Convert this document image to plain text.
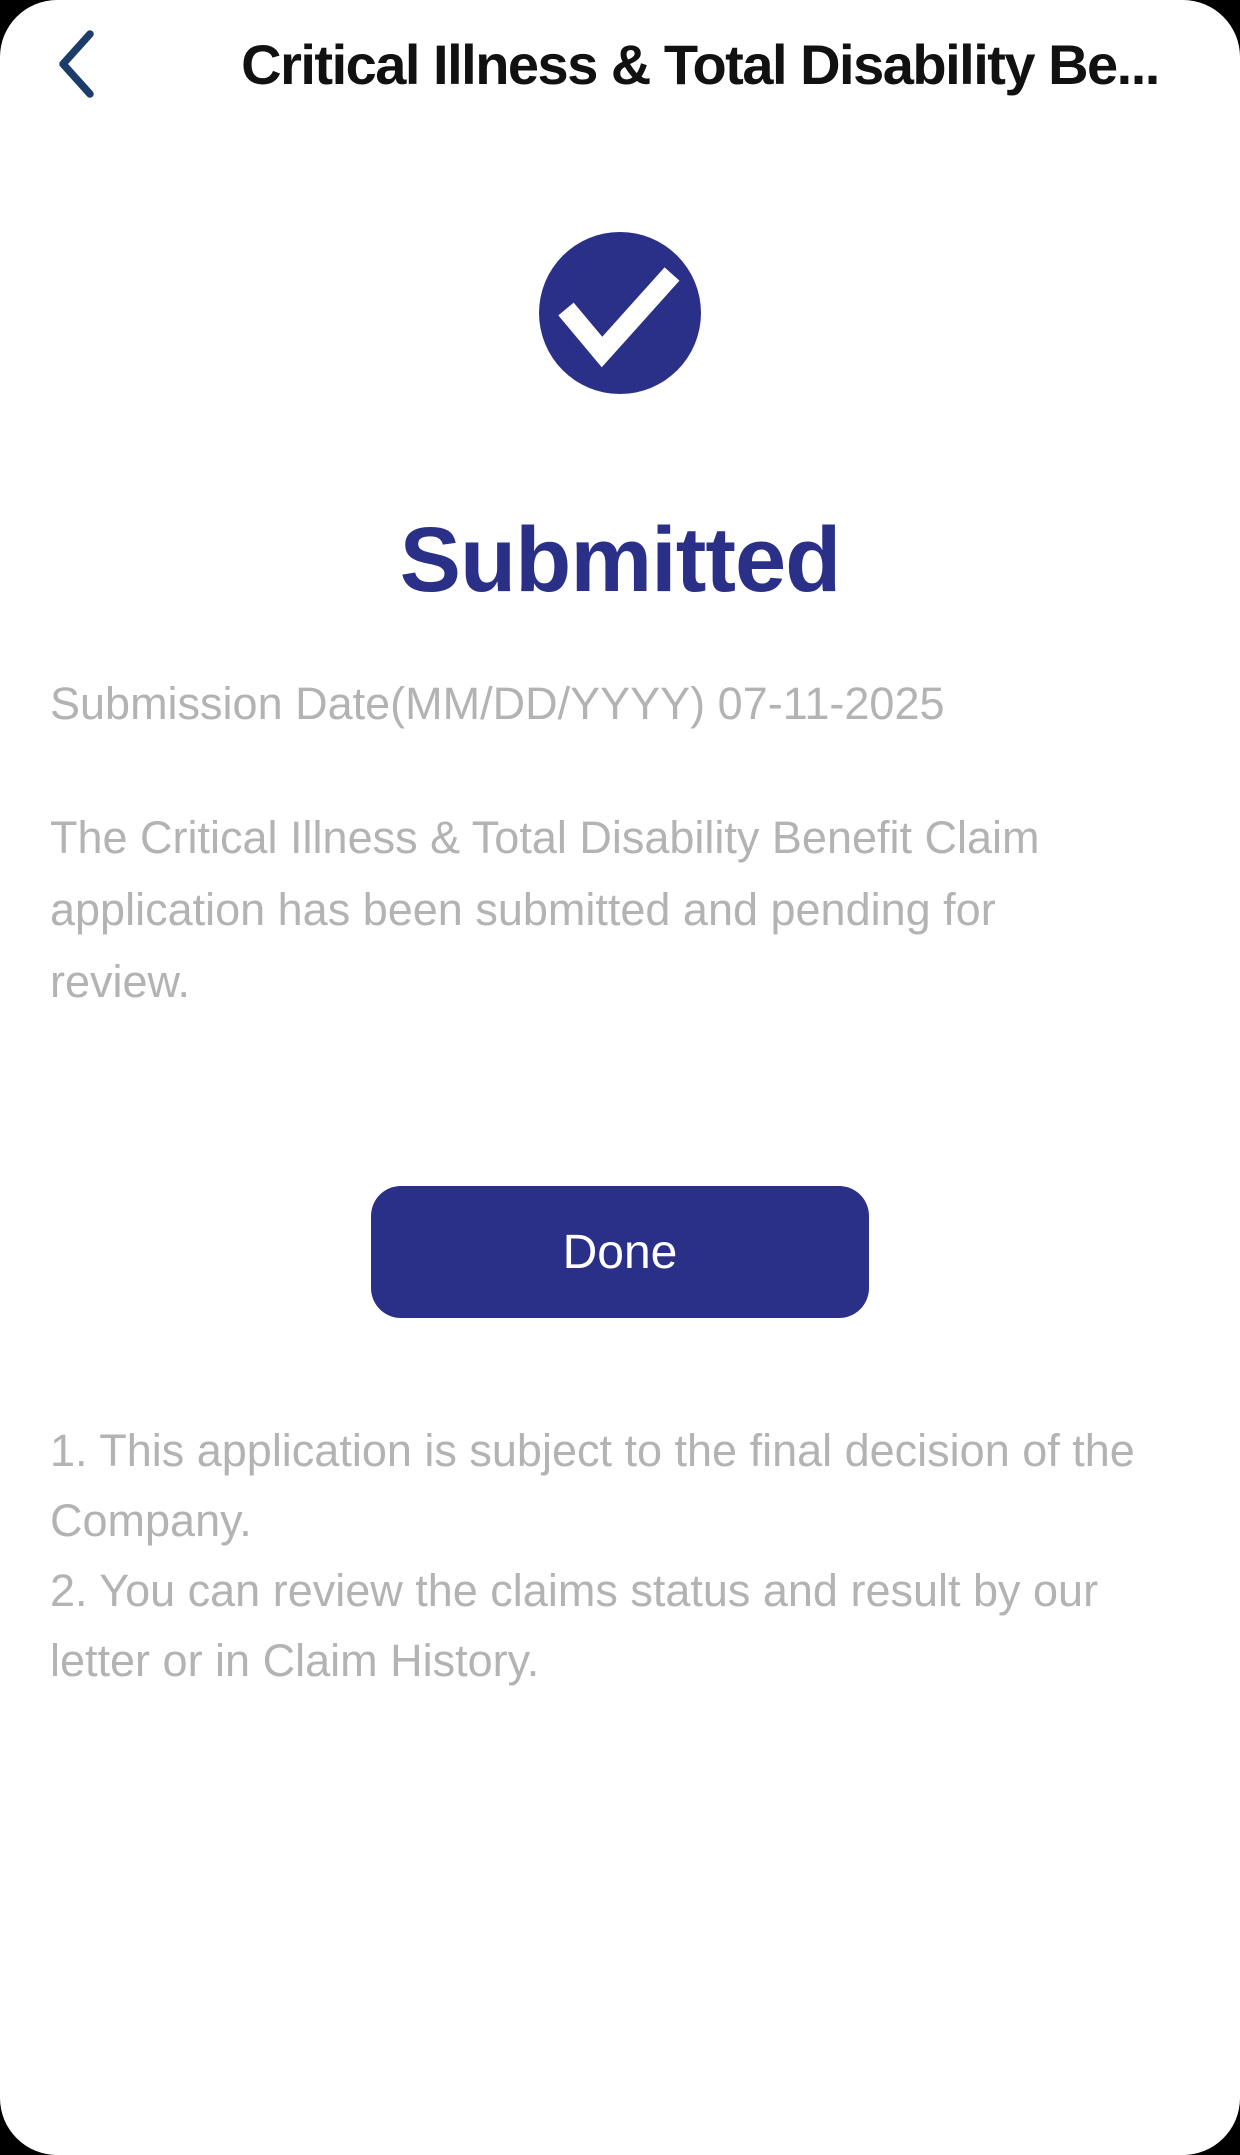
Critical Illness & Total Disability Be...
Submitted

Submission Date(MM/DD/YYYY) 07-11-2025

The Critical Illness & Total Disability Benefit Claim
application has been submitted and pending for
review.
Done
1. This application is subject to the final decision of the
Company.
2. You can review the claims status and result by our
letter or in Claim History.
